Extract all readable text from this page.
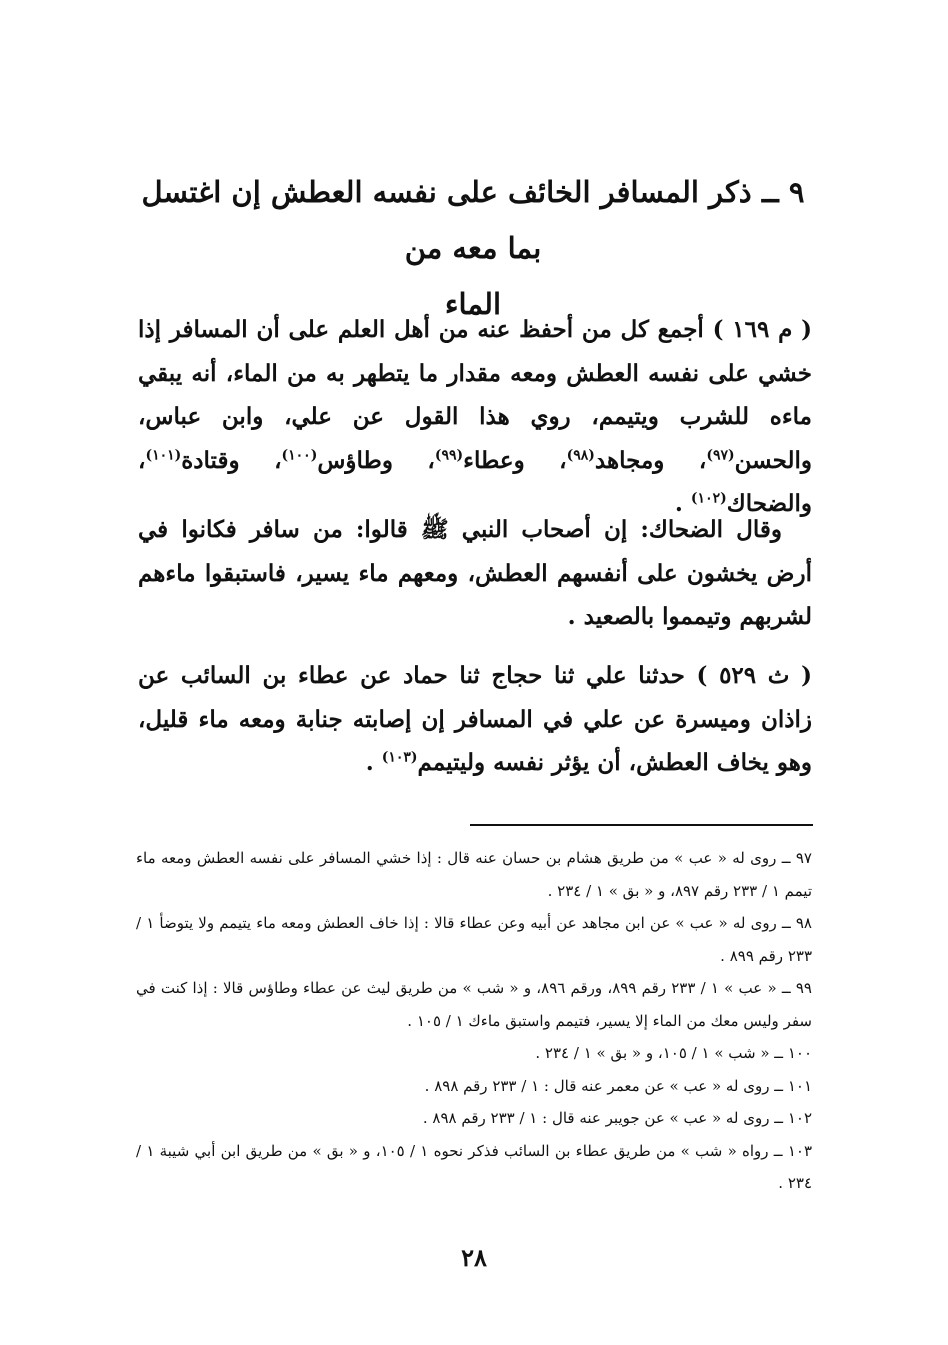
٩ ــ ذكر المسافر الخائف على نفسه العطش إن اغتسل بما معه من
الماء

( م ١٦٩ ) أجمع كل من أحفظ عنه من أهل العلم على أن المسافر إذا خشي على نفسه العطش ومعه مقدار ما يتطهر به من الماء، أنه يبقي ماءه للشرب ويتيمم، روي هذا القول عن علي، وابن عباس، والحسن$^{(٩٧)}$، ومجاهد$^{(٩٨)}$، وعطاء$^{(٩٩)}$، وطاؤس$^{(١٠٠)}$، وقتادة$^{(١٠١)}$، والضحاك$^{(١٠٢)}$ .

وقال الضحاك: إن أصحاب النبي ﷺ قالوا: من سافر فكانوا في أرض يخشون على أنفسهم العطش، ومعهم ماء يسير، فاستبقوا ماءهم لشربهم وتيمموا بالصعيد .

( ث ٥٢٩ ) حدثنا علي ثنا حجاج ثنا حماد عن عطاء بن السائب عن زاذان وميسرة عن علي في المسافر إن إصابته جنابة ومعه ماء قليل، وهو يخاف العطش، أن يؤثر نفسه وليتيمم$^{(١٠٣)}$ .

٩٧ ــ روى له « عب » من طريق هشام بن حسان عنه قال : إذا خشي المسافر على نفسه العطش ومعه ماء تيمم ١ / ٢٣٣ رقم ٨٩٧، و « بق » ١ / ٢٣٤ .
٩٨ ــ روى له « عب » عن ابن مجاهد عن أبيه وعن عطاء قالا : إذا خاف العطش ومعه ماء يتيمم ولا يتوضأ ١ / ٢٣٣ رقم ٨٩٩ .
٩٩ ــ « عب » ١ / ٢٣٣ رقم ٨٩٩، ورقم ٨٩٦، و « شب » من طريق ليث عن عطاء وطاؤس قالا : إذا كنت في سفر وليس معك من الماء إلا يسير، فتيمم واستبق ماءك ١ / ١٠٥ .
١٠٠ ــ « شب » ١ / ١٠٥، و « بق » ١ / ٢٣٤ .
١٠١ ــ روى له « عب » عن معمر عنه قال : ١ / ٢٣٣ رقم ٨٩٨ .
١٠٢ ــ روى له « عب » عن جويبر عنه قال : ١ / ٢٣٣ رقم ٨٩٨ .
١٠٣ ــ رواه « شب » من طريق عطاء بن السائب فذكر نحوه ١ / ١٠٥، و « بق » من طريق ابن أبي شيبة ١ / ٢٣٤ .
٢٨
